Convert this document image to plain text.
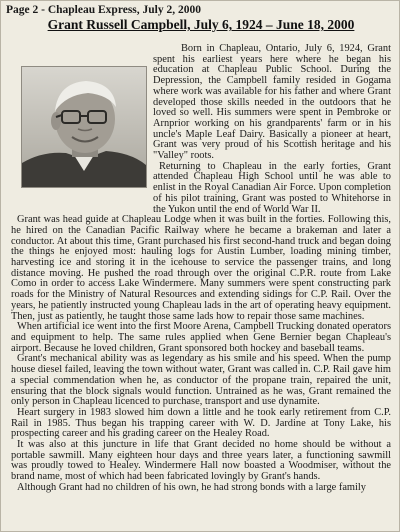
Page 2 - Chapleau Express, July 2, 2000
Grant Russell Campbell, July 6, 1924 – June 18, 2000

Born in Chapleau, Ontario, July 6, 1924, Grant spent his earliest years here where he began his education at Chapleau Public School. During the Depression, the Campbell family resided in Gogama where work was available for his father and where Grant developed those skills needed in the outdoors that he loved so well. His summers were spent in Pembroke or Arnprior working on his grandparents' farm or in his uncle's Maple Leaf Dairy. Basically a pioneer at heart, Grant was very proud of his Scottish heritage and his "Valley" roots.

Returning to Chapleau in the early forties, Grant attended Chapleau High School until he was able to enlist in the Royal Canadian Air Force. Upon completion of his pilot training, Grant was posted to Whitehorse in the Yukon until the end of World War II.

Grant was head guide at Chapleau Lodge when it was built in the forties. Following this, he hired on the Canadian Pacific Railway where he became a brakeman and later a conductor. At about this time, Grant purchased his first second-hand truck and began doing the things he enjoyed most: hauling logs for Austin Lumber, loading mining timber, harvesting ice and storing it in the icehouse to service the passenger trains, and long distance moving. He pushed the road through over the original C.P.R. route from Lake Como in order to access Lake Windermere. Many summers were spent constructing park roads for the Ministry of Natural Resources and extending sidings for C.P. Rail. Over the years, he patiently instructed young Chapleau lads in the art of operating heavy equipment. Then, just as patiently, he taught those same lads how to repair those same machines.

When artificial ice went into the first Moore Arena, Campbell Trucking donated operators and equipment to help. The same rules applied when Gene Bernier began Chapleau's airport. Because he loved children, Grant sponsored both hockey and baseball teams.

Grant's mechanical ability was as legendary as his smile and his speed. When the pump house diesel failed, leaving the town without water, Grant was called in. C.P. Rail gave him a special commendation when he, as conductor of the propane train, repaired the unit, ensuring that the block signals would function. Untrained as he was, Grant remained the only person in Chapleau licenced to purchase, transport and use dynamite.

Heart surgery in 1983 slowed him down a little and he took early retirement from C.P. Rail in 1985. Thus began his trapping career with W. D. Jardine at Tony Lake, his prospecting career and his grading career on the Healey Road.

It was also at this juncture in life that Grant decided no home should be without a portable sawmill. Many eighteen hour days and three years later, a functioning sawmill was proudly towed to Healey. Windermere Hall now boasted a Woodmiser, without the brand name, most of which had been fabricated lovingly by Grant's hands.

Although Grant had no children of his own, he had strong bonds with a large family
